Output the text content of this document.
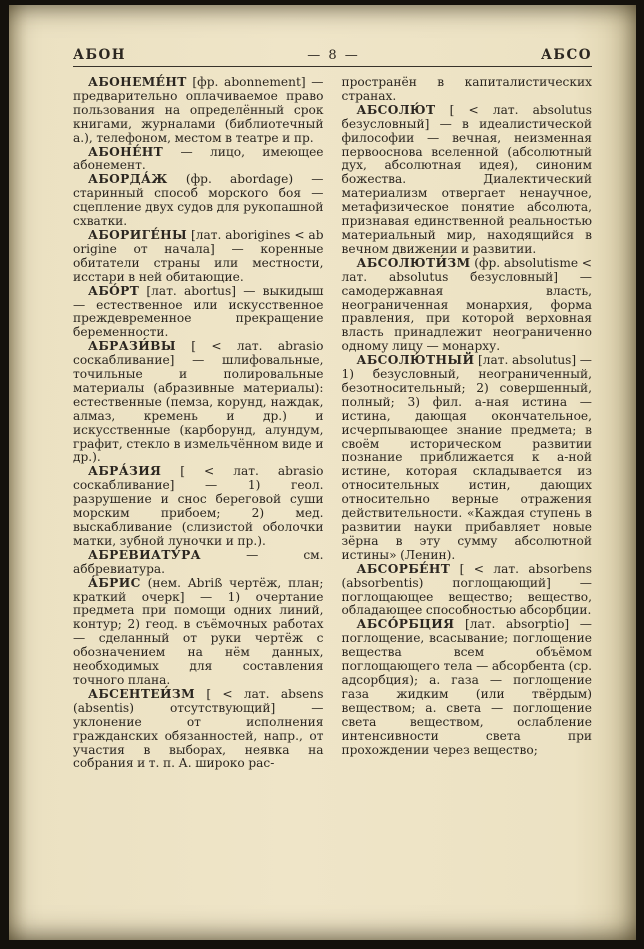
АБОН	— 8 —	АБСО

АБОНЕМЕ́НТ [фр. abonnement] — предварительно оплачиваемое право пользования на определённый срок книгами, журналами (библиотечный а.), телефоном, местом в театре и пр.

АБОНЕ́НТ — лицо, имеющее абонемент.

АБОРДА́Ж (фр. abordage) — старинный способ морского боя — сцепление двух судов для рукопашной схватки.

АБОРИГЕ́НЫ [лат. aborigines < ab origine от начала] — коренные обитатели страны или местности, исстари в ней обитающие.

АБО́РТ [лат. abortus] — выкидыш — естественное или искусственное преждевременное прекращение беременности.

АБРАЗИ́ВЫ [ < лат. abrasio соскабливание] — шлифовальные, точильные и полировальные материалы (абразивные материалы): естественные (пемза, корунд, наждак, алмаз, кремень и др.) и искусственные (карборунд, алундум, графит, стекло в измельчённом виде и др.).

АБРА́ЗИЯ [ < лат. abrasio соскабливание] — 1) геол. разрушение и снос береговой суши морским прибоем; 2) мед. выскабливание (слизистой оболочки матки, зубной луночки и пр.).

АБРЕВИАТУ́РА — см. аббревиатура.

А́БРИС (нем. Abriß чертёж, план; краткий очерк] — 1) очертание предмета при помощи одних линий, контур; 2) геод. в съёмочных работах — сделанный от руки чертёж с обозначением на нём данных, необходимых для составления точного плана.

АБСЕНТЕИ́ЗМ [ < лат. absens (absentis) отсутствующий] — уклонение от исполнения гражданских обязанностей, напр., от участия в выборах, неявка на собрания и т. п. А. широко рас-

пространён в капиталистических странах.

АБСОЛЮ́Т [ < лат. absolutus безусловный] — в идеалистической философии — вечная, неизменная первооснова вселенной (абсолютный дух, абсолютная идея), синоним божества. Диалектический материализм отвергает ненаучное, метафизическое понятие абсолюта, признавая единственной реальностью материальный мир, находящийся в вечном движении и развитии.

АБСОЛЮТИ́ЗМ (фр. absolutisme < лат. absolutus безусловный] — самодержавная власть, неограниченная монархия, форма правления, при которой верховная власть принадлежит неограниченно одному лицу — монарху.

АБСОЛЮ́ТНЫЙ [лат. absolutus] — 1) безусловный, неограниченный, безотносительный; 2) совершенный, полный; 3) фил. а-ная истина — истина, дающая окончательное, исчерпывающее знание предмета; в своём историческом развитии познание приближается к а-ной истине, которая складывается из относительных истин, дающих относительно верные отражения действительности. «Каждая ступень в развитии науки прибавляет новые зёрна в эту сумму абсолютной истины» (Ленин).

АБСОРБЕ́НТ [ < лат. absorbens (absorbentis) поглощающий] — поглощающее вещество; вещество, обладающее способностью абсорбции.

АБСО́РБЦИЯ [лат. absorptio] — поглощение, всасывание; поглощение вещества всем объёмом поглощающего тела — абсорбента (ср. адсорбция); а. газа — поглощение газа жидким (или твёрдым) веществом; а. света — поглощение света веществом, ослабление интенсивности света при прохождении через вещество;
